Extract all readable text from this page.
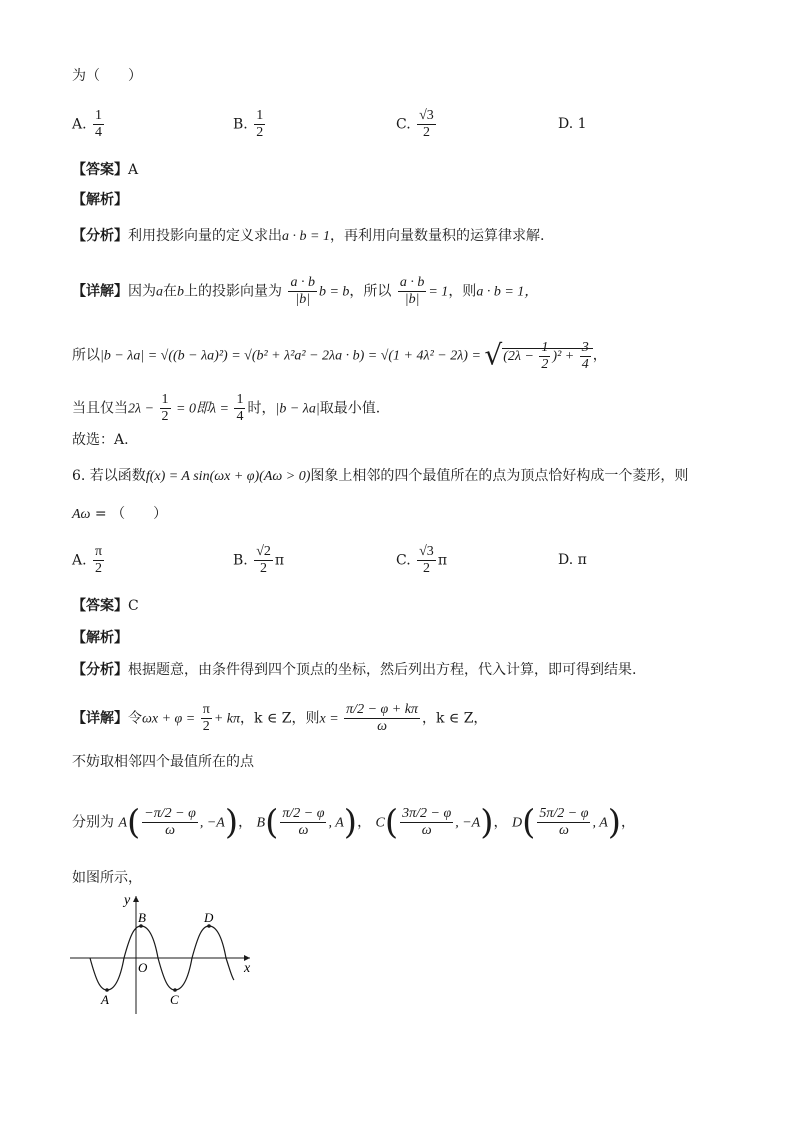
为（　　）
A. $\frac{1}{4}$	B. $\frac{1}{2}$	C. $\frac{√3}{2}$	D. 1
【答案】A
【解析】
【分析】利用投影向量的定义求出a · b = 1，再利用向量数量积的运算律求解.
【详解】因为a在b上的投影向量为 $\frac{a \cdot b}{|b|}$ b = b，所以 $\frac{a \cdot b}{|b|} = 1$，则a · b = 1，
所以$|b - \lambda a| = √((b - \lambda a)^2) = √(b^2 + \lambda^2a^2 - 2\lambda a \cdot b) = √(1 + 4\lambda^2 - 2\lambda) = √(2\lambda - \frac{1}{2} )^2 + \frac{3}{4}$ ，
当且仅当$2\lambda - \frac{1}{2} = 0$即$\lambda = \frac{1}{4}$ 时，|b − λa|取最小值.
故选：A.
6. 若以函数f(x) = A sin(ωx + φ)(Aω > 0)图象上相邻的四个最值所在的点为顶点恰好构成一个菱形，则
Aω = （　　）
A. $\frac{\pi}{2}$	B. $\frac{√2}{2}$ π	C. $\frac{√3}{2}$ π	D. π
【答案】C
【解析】
【分析】根据题意，由条件得到四个顶点的坐标，然后列出方程，代入计算，即可得到结果.
【详解】令$\omega x + \varphi = \frac{\pi}{2} + k\pi$，k ∈ Z，则$x = \frac{\pi/2 - \varphi + k\pi}{\omega}$ ，k ∈ Z，
不妨取相邻四个最值所在的点
分别为 $A( \frac{-\pi/2 - \varphi}{\omega}$ , −A)， $B( \frac{\pi/2 - \varphi}{\omega}$ , A)， $C( \frac{3\pi/2 - \varphi}{\omega}$ , −A)， $D( \frac{5\pi/2 - \varphi}{\omega}$ , A)，
如图所示，
y
x
O
A
B
C
D
